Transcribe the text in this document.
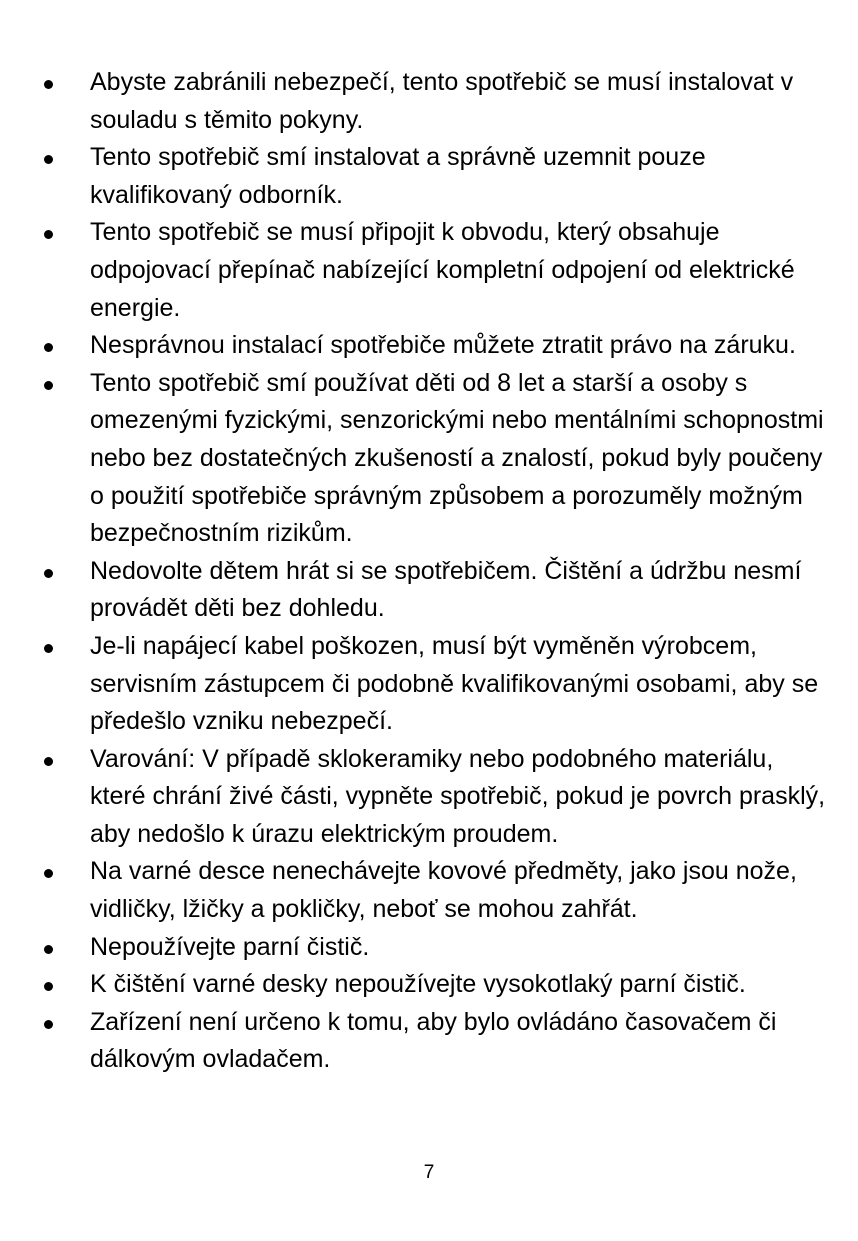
Abyste zabránili nebezpečí, tento spotřebič se musí instalovat v souladu s těmito pokyny.
Tento spotřebič smí instalovat a správně uzemnit pouze kvalifikovaný odborník.
Tento spotřebič se musí připojit k obvodu, který obsahuje odpojovací přepínač nabízející kompletní odpojení od elektrické energie.
Nesprávnou instalací spotřebiče můžete ztratit právo na záruku.
Tento spotřebič smí používat děti od 8 let a starší a osoby s omezenými fyzickými, senzorickými nebo mentálními schopnostmi nebo bez dostatečných zkušeností a znalostí, pokud byly poučeny o použití spotřebiče správným způsobem a porozuměly možným bezpečnostním rizikům.
Nedovolte dětem hrát si se spotřebičem. Čištění a údržbu nesmí provádět děti bez dohledu.
Je-li napájecí kabel poškozen, musí být vyměněn výrobcem, servisním zástupcem či podobně kvalifikovanými osobami, aby se předešlo vzniku nebezpečí.
Varování: V případě sklokeramiky nebo podobného materiálu, které chrání živé části, vypněte spotřebič, pokud je povrch prasklý, aby nedošlo k úrazu elektrickým proudem.
Na varné desce nenechávejte kovové předměty, jako jsou nože, vidličky, lžičky a pokličky, neboť se mohou zahřát.
Nepoužívejte parní čistič.
K čištění varné desky nepoužívejte vysokotlaký parní čistič.
Zařízení není určeno k tomu, aby bylo ovládáno časovačem či dálkovým ovladačem.
7
